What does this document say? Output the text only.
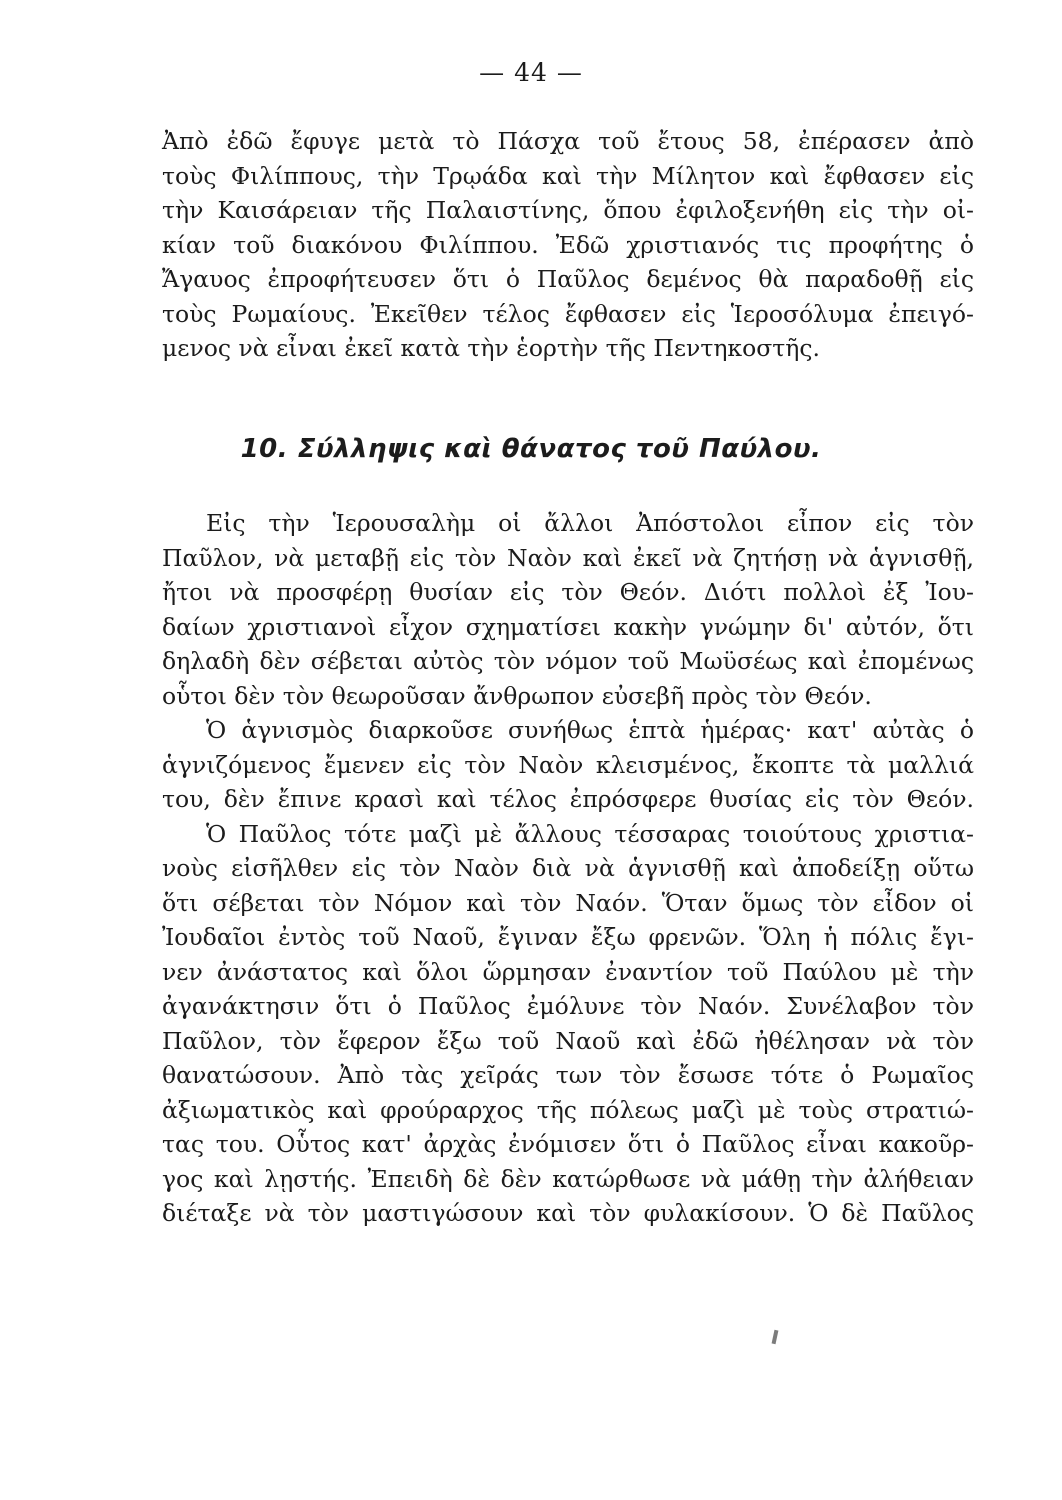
— 44 —
Ἀπὸ ἐδῶ ἔφυγε μετὰ τὸ Πάσχα τοῦ ἔτους 58, ἐπέρασεν ἀπὸ
τοὺς Φιλίππους, τὴν Τρῳάδα καὶ τὴν Μίλητον καὶ ἔφθασεν εἰς
τὴν Καισάρειαν τῆς Παλαιστίνης, ὅπου ἐφιλοξενήθη εἰς τὴν οἰ-
κίαν τοῦ διακόνου Φιλίππου. Ἐδῶ χριστιανός τις προφήτης ὁ
Ἄγαυος ἐπροφήτευσεν ὅτι ὁ Παῦλος δεμένος θὰ παραδοθῇ εἰς
τοὺς Ρωμαίους. Ἐκεῖθεν τέλος ἔφθασεν εἰς Ἱεροσόλυμα ἐπειγό-
μενος νὰ εἶναι ἐκεῖ κατὰ τὴν ἑορτὴν τῆς Πεντηκοστῆς.
10. Σύλληψις καὶ θάνατος τοῦ Παύλου.
Εἰς τὴν Ἱερουσαλὴμ οἱ ἄλλοι Ἀπόστολοι εἶπον εἰς τὸν
Παῦλον, νὰ μεταβῇ εἰς τὸν Ναὸν καὶ ἐκεῖ νὰ ζητήσῃ νὰ ἁγνισθῇ,
ἤτοι νὰ προσφέρῃ θυσίαν εἰς τὸν Θεόν. Διότι πολλοὶ ἐξ Ἰου-
δαίων χριστιανοὶ εἶχον σχηματίσει κακὴν γνώμην δι' αὐτόν, ὅτι
δηλαδὴ δὲν σέβεται αὐτὸς τὸν νόμον τοῦ Μωϋσέως καὶ ἐπομένως
οὗτοι δὲν τὸν θεωροῦσαν ἄνθρωπον εὐσεβῆ πρὸς τὸν Θεόν.
Ὁ ἁγνισμὸς διαρκοῦσε συνήθως ἑπτὰ ἡμέρας· κατ' αὐτὰς ὁ
ἁγνιζόμενος ἔμενεν εἰς τὸν Ναὸν κλεισμένος, ἔκοπτε τὰ μαλλιά
του, δὲν ἔπινε κρασὶ καὶ τέλος ἐπρόσφερε θυσίας εἰς τὸν Θεόν.
Ὁ Παῦλος τότε μαζὶ μὲ ἄλλους τέσσαρας τοιούτους χριστια-
νοὺς εἰσῆλθεν εἰς τὸν Ναὸν διὰ νὰ ἁγνισθῇ καὶ ἀποδείξῃ οὕτω
ὅτι σέβεται τὸν Νόμον καὶ τὸν Ναόν. Ὅταν ὅμως τὸν εἶδον οἱ
Ἰουδαῖοι ἐντὸς τοῦ Ναοῦ, ἔγιναν ἔξω φρενῶν. Ὅλη ἡ πόλις ἔγι-
νεν ἀνάστατος καὶ ὅλοι ὥρμησαν ἐναντίον τοῦ Παύλου μὲ τὴν
ἀγανάκτησιν ὅτι ὁ Παῦλος ἐμόλυνε τὸν Ναόν. Συνέλαβον τὸν
Παῦλον, τὸν ἔφερον ἔξω τοῦ Ναοῦ καὶ ἐδῶ ἠθέλησαν νὰ τὸν
θανατώσουν. Ἀπὸ τὰς χεῖράς των τὸν ἔσωσε τότε ὁ Ρωμαῖος
ἀξιωματικὸς καὶ φρούραρχος τῆς πόλεως μαζὶ μὲ τοὺς στρατιώ-
τας του. Οὗτος κατ' ἀρχὰς ἐνόμισεν ὅτι ὁ Παῦλος εἶναι κακοῦρ-
γος καὶ λῃστής. Ἐπειδὴ δὲ δὲν κατώρθωσε νὰ μάθῃ τὴν ἀλήθειαν
διέταξε νὰ τὸν μαστιγώσουν καὶ τὸν φυλακίσουν. Ὁ δὲ Παῦλος
